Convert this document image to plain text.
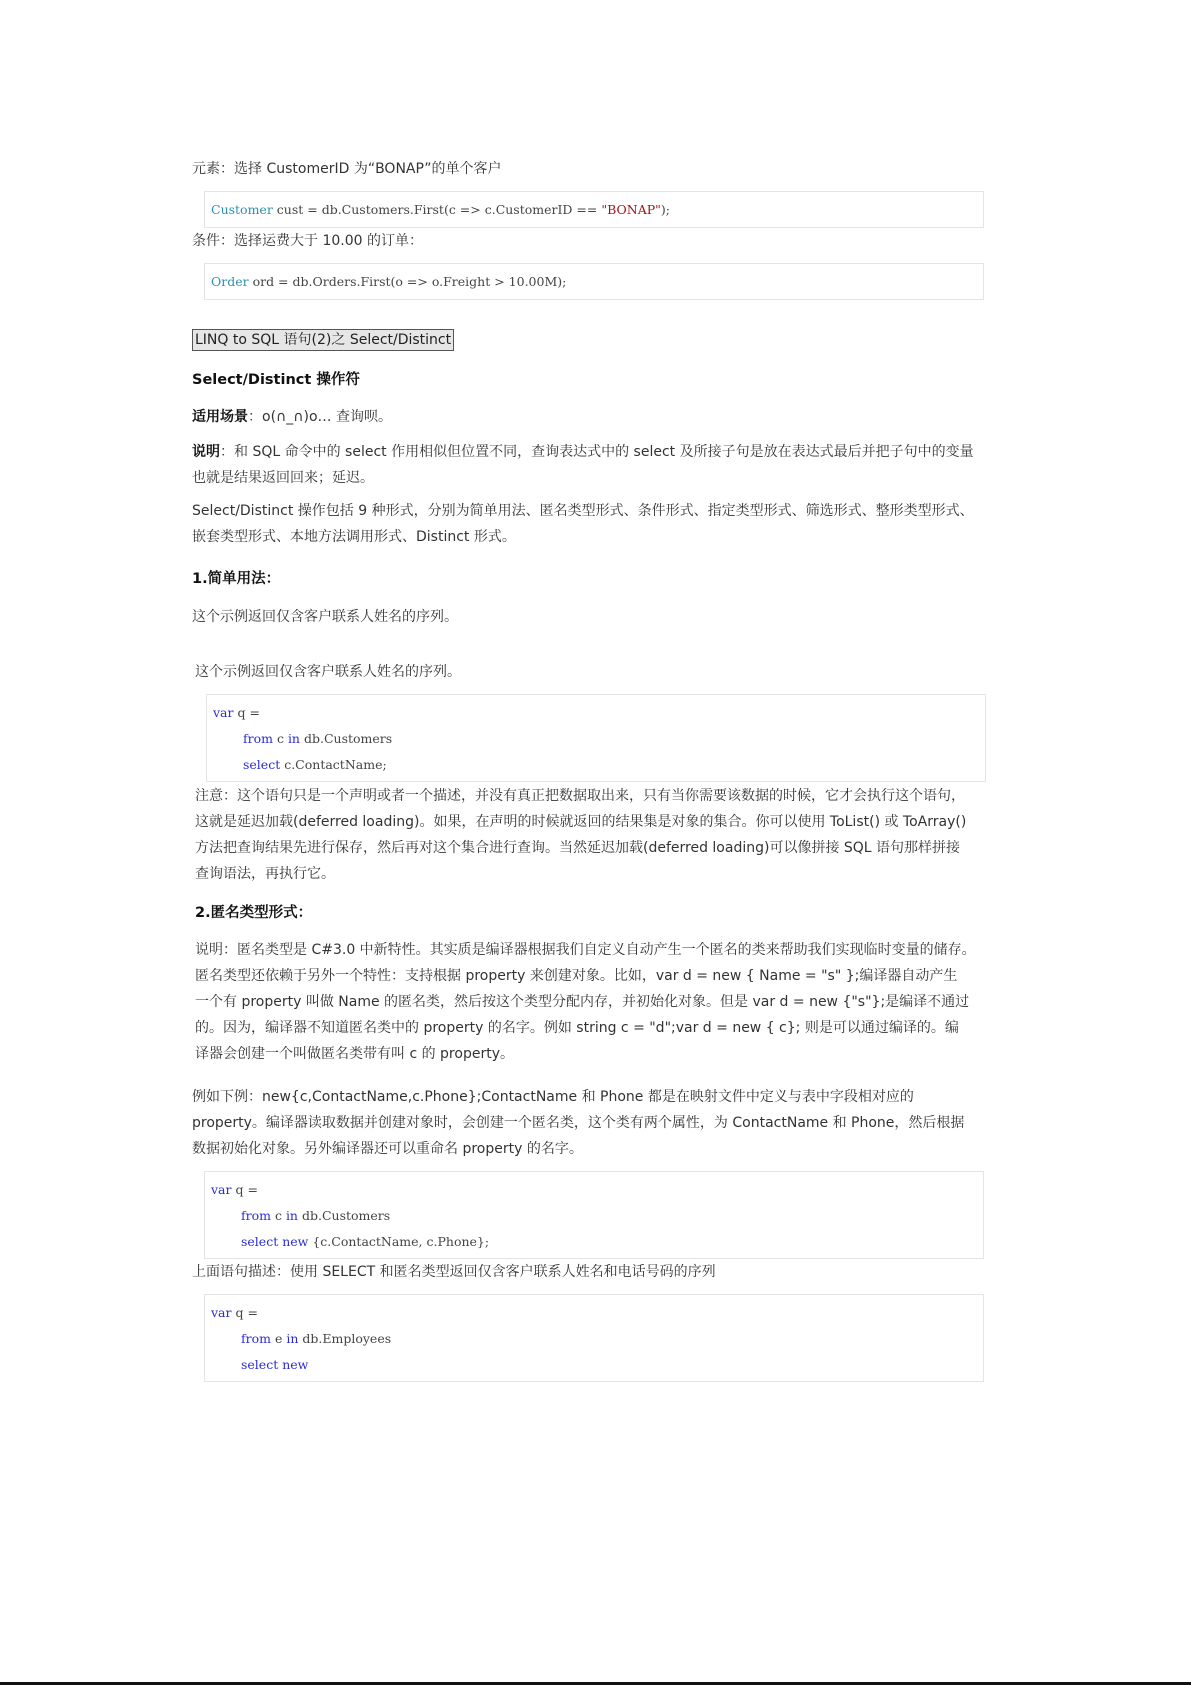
元素：选择 CustomerID 为“BONAP”的单个客户
Customer cust = db.Customers.First(c => c.CustomerID == "BONAP");
条件：选择运费大于 10.00 的订单：
Order ord = db.Orders.First(o => o.Freight > 10.00M);
LINQ to SQL 语句(2)之 Select/Distinct
Select/Distinct 操作符
适用场景：o(∩_∩)o… 查询呗。
说明：和 SQL 命令中的 select 作用相似但位置不同，查询表达式中的 select 及所接子句是放在表达式最后并把子句中的变量
也就是结果返回回来；延迟。
Select/Distinct 操作包括 9 种形式，分别为简单用法、匿名类型形式、条件形式、指定类型形式、筛选形式、整形类型形式、
嵌套类型形式、本地方法调用形式、Distinct 形式。
1.简单用法：
这个示例返回仅含客户联系人姓名的序列。
这个示例返回仅含客户联系人姓名的序列。
var q =
from c in db.Customers
select c.ContactName;
注意：这个语句只是一个声明或者一个描述，并没有真正把数据取出来，只有当你需要该数据的时候，它才会执行这个语句，
这就是延迟加载(deferred loading)。如果，在声明的时候就返回的结果集是对象的集合。你可以使用 ToList() 或 ToArray()
方法把查询结果先进行保存，然后再对这个集合进行查询。当然延迟加载(deferred loading)可以像拼接 SQL 语句那样拼接
查询语法，再执行它。
2.匿名类型形式：
说明：匿名类型是 C#3.0 中新特性。其实质是编译器根据我们自定义自动产生一个匿名的类来帮助我们实现临时变量的储存。
匿名类型还依赖于另外一个特性：支持根据 property 来创建对象。比如，var d = new { Name = "s" };编译器自动产生
一个有 property 叫做 Name 的匿名类，然后按这个类型分配内存，并初始化对象。但是 var d = new {"s"};是编译不通过
的。因为，编译器不知道匿名类中的 property 的名字。例如 string c = "d";var d = new { c}; 则是可以通过编译的。编
译器会创建一个叫做匿名类带有叫 c 的 property。
例如下例：new{c,ContactName,c.Phone};ContactName 和 Phone 都是在映射文件中定义与表中字段相对应的
property。编译器读取数据并创建对象时，会创建一个匿名类，这个类有两个属性，为 ContactName 和 Phone，然后根据
数据初始化对象。另外编译器还可以重命名 property 的名字。
var q =
from c in db.Customers
select new {c.ContactName, c.Phone};
上面语句描述：使用 SELECT 和匿名类型返回仅含客户联系人姓名和电话号码的序列
var q =
from e in db.Employees
select new
